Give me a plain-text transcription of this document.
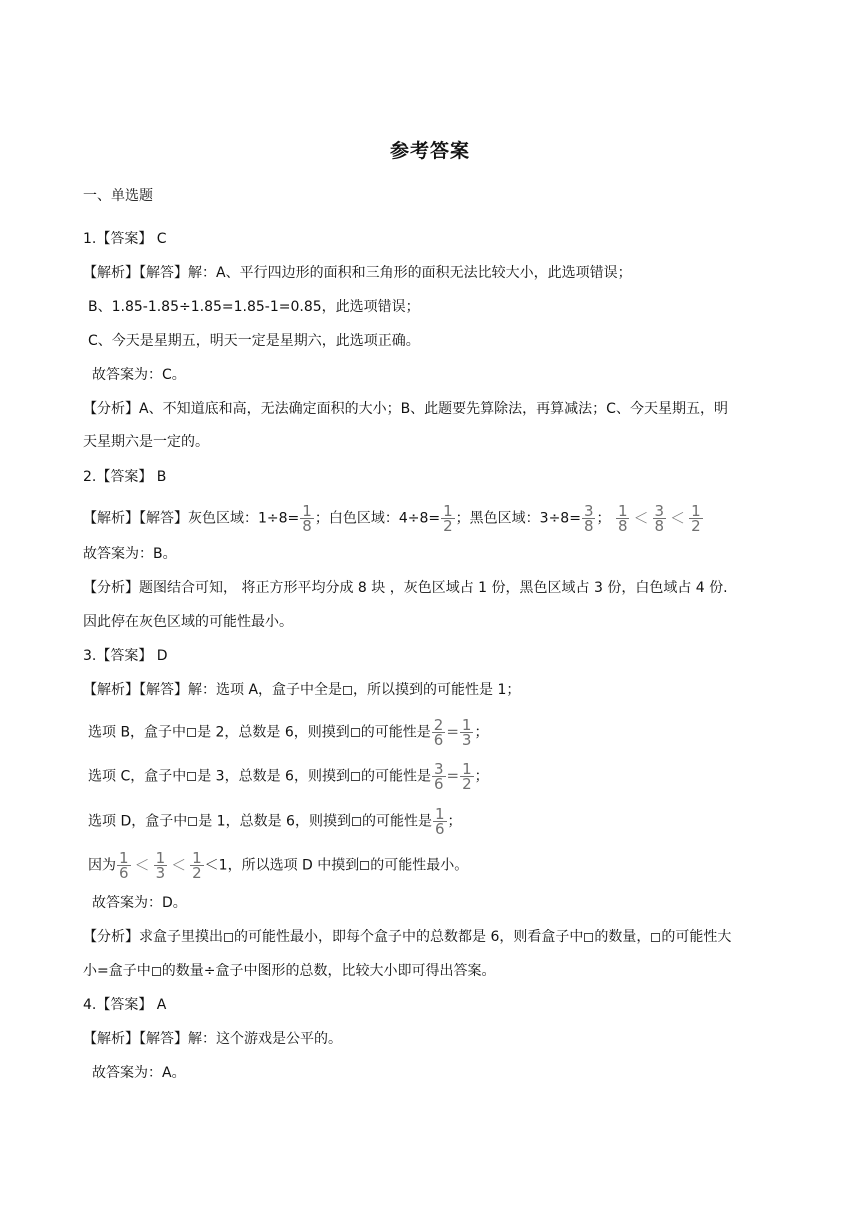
参考答案
一、单选题
1.【答案】 C
【解析】【解答】解：A、平行四边形的面积和三角形的面积无法比较大小，此选项错误；
B、1.85-1.85÷1.85=1.85-1=0.85，此选项错误；
C、今天是星期五，明天一定是星期六，此选项正确。
故答案为：C。
【分析】A、不知道底和高，无法确定面积的大小；B、此题要先算除法，再算减法；C、今天星期五，明
天星期六是一定的。
2.【答案】 B
【解析】【解答】灰色区域：$1\div 8= \frac{1}{8}$ ；白色区域：$4\div 8= \frac{1}{2}$ ；黑色区域：$3\div 8= \frac{3}{8}$ ； $\frac{1}{8} < \frac{3}{8} < \frac{1}{2}$
故答案为：B。
【分析】题图结合可知， 将正方形平均分成 8 块 ，灰色区域占 1 份，黑色区域占 3 份，白色域占 4 份.
因此停在灰色区域的可能性最小。
3.【答案】 D
【解析】【解答】解：选项 A，盒子中全是 ，所以摸到的可能性是 1；
选项 B，盒子中 是 2，总数是 6，则摸到 的可能性是 $\frac{2}{6} = \frac{1}{3}$ ；
选项 C，盒子中 是 3，总数是 6，则摸到 的可能性是 $\frac{3}{6} = \frac{1}{2}$ ；
选项 D，盒子中 是 1，总数是 6，则摸到 的可能性是 $\frac{1}{6}$ ；
因为 $\frac{1}{6} < \frac{1}{3} < \frac{1}{2} <1$，所以选项 D 中摸到 的可能性最小。
故答案为：D。
【分析】求盒子里摸出 的可能性最小，即每个盒子中的总数都是 6，则看盒子中 的数量， 的可能性大
小=盒子中 的数量÷盒子中图形的总数，比较大小即可得出答案。
4.【答案】 A
【解析】【解答】解：这个游戏是公平的。
故答案为：A。
